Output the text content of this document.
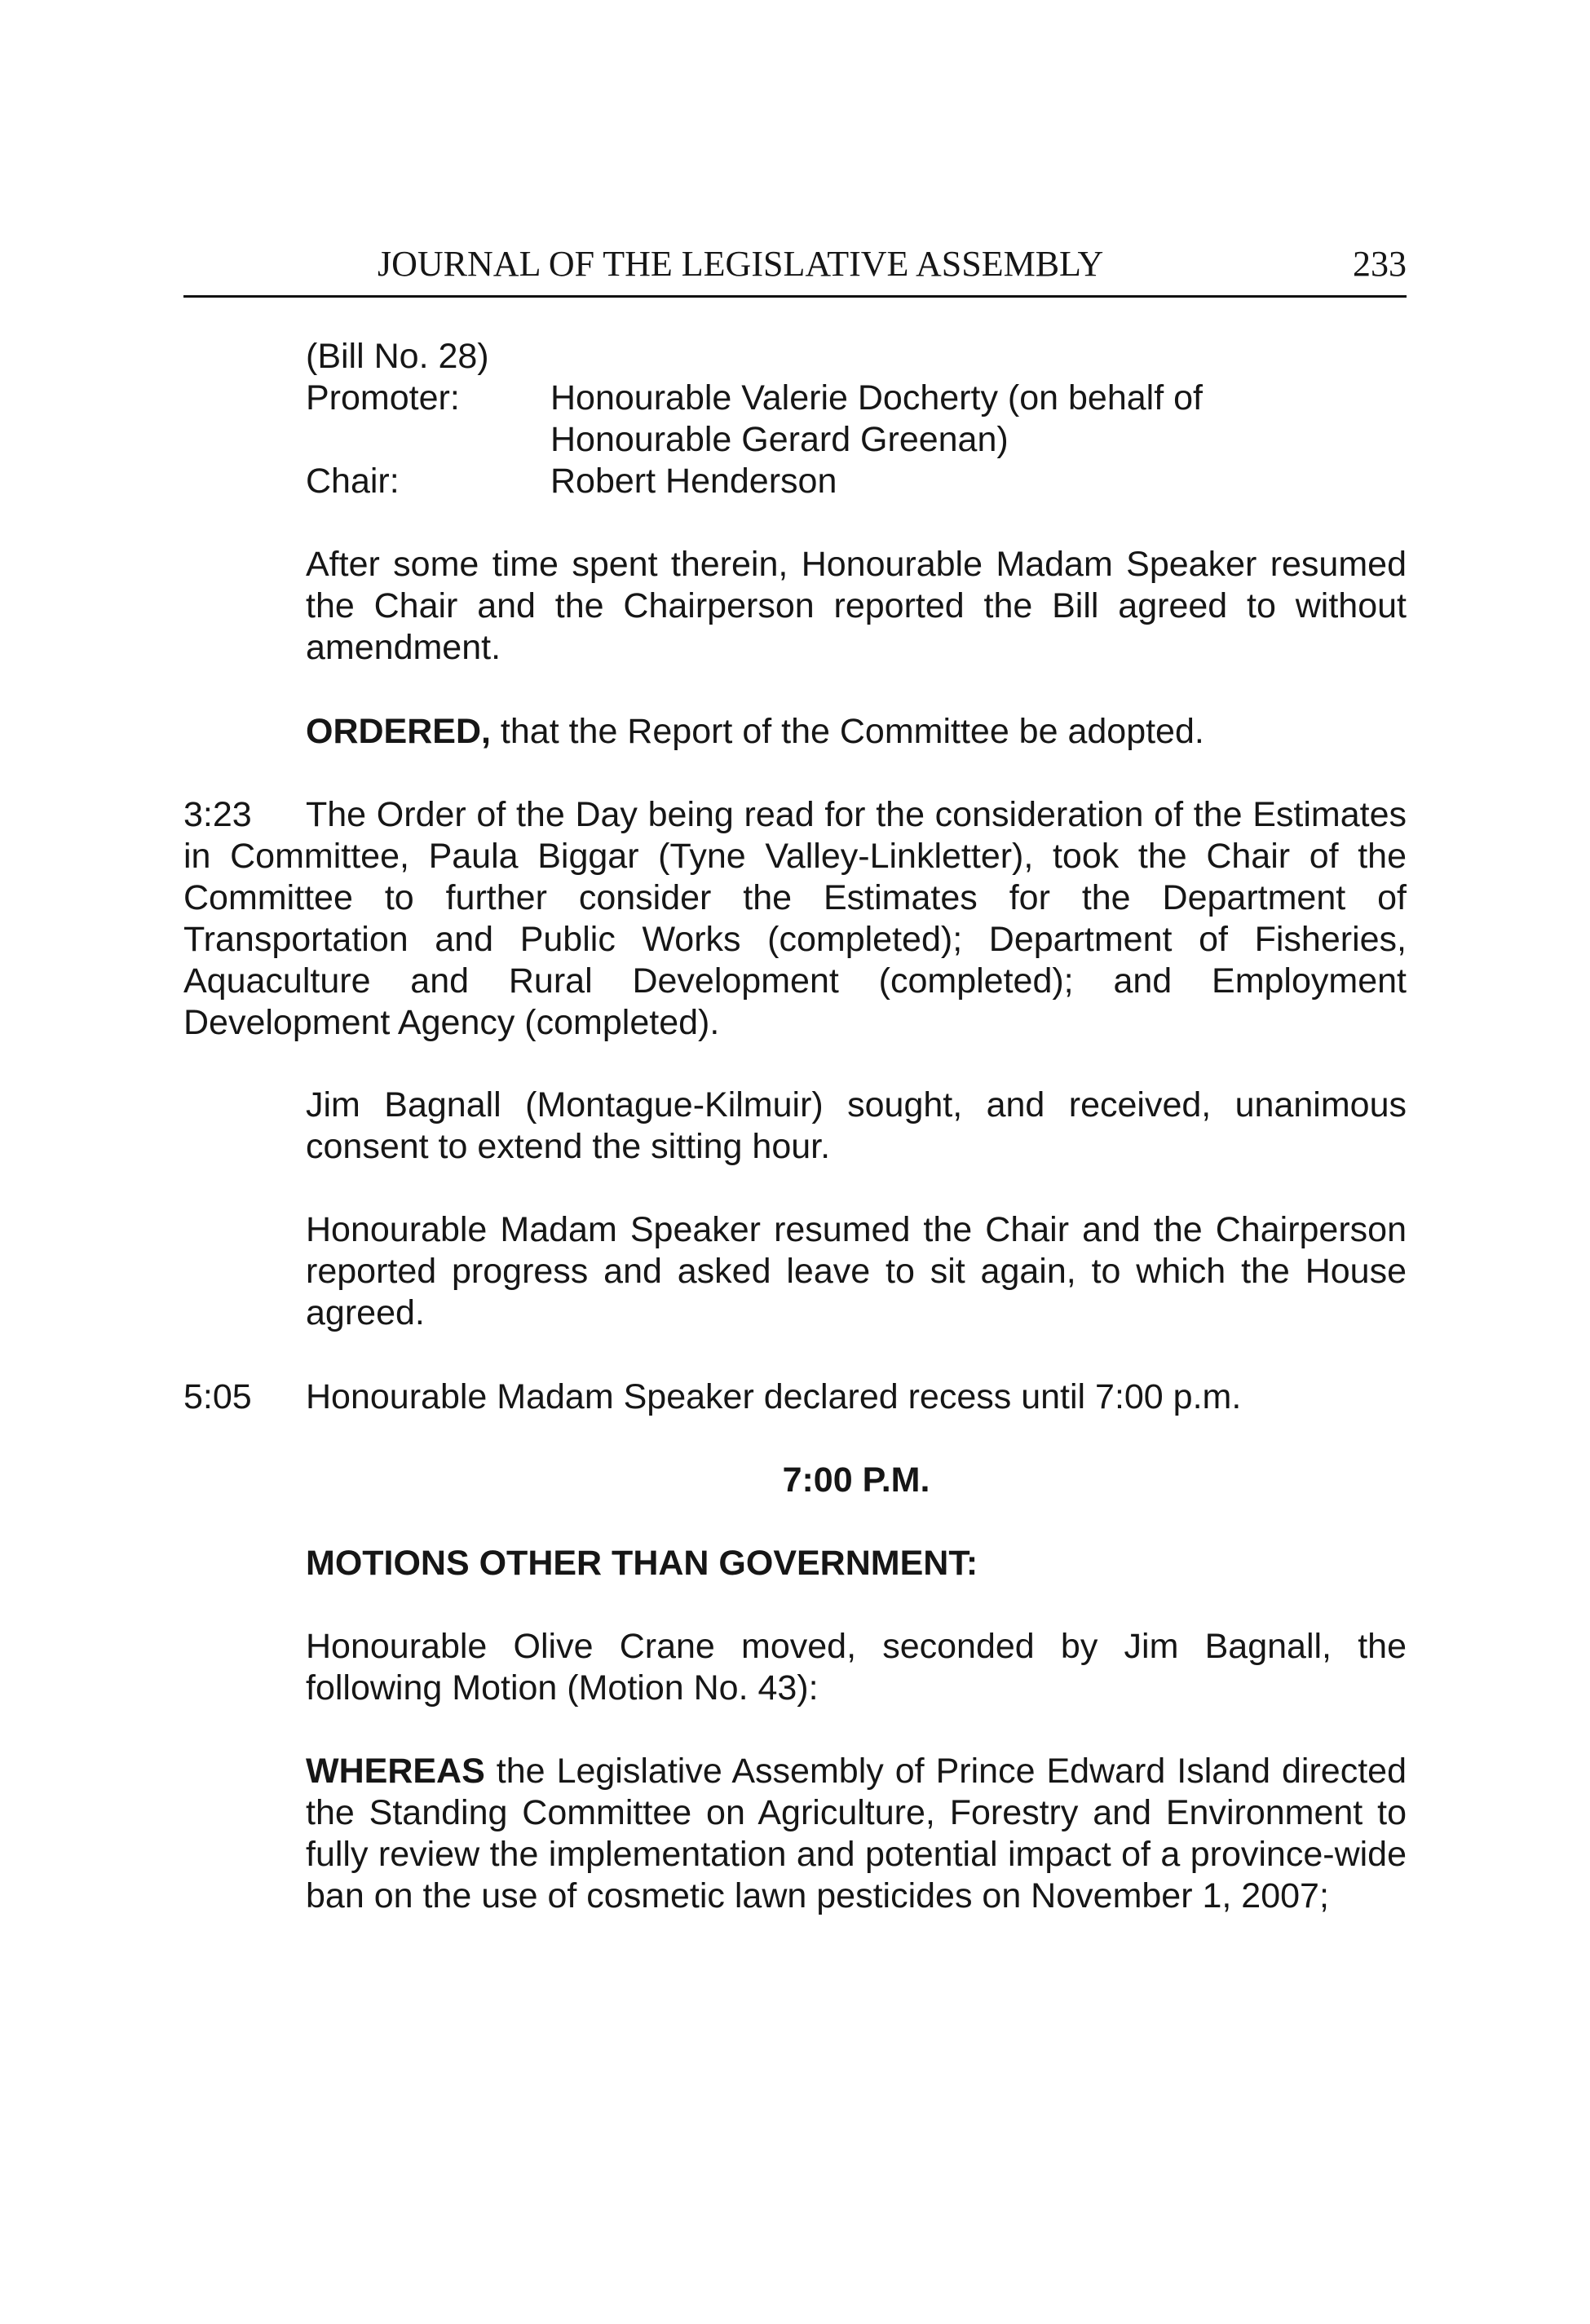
JOURNAL OF THE LEGISLATIVE ASSEMBLY	233
(Bill No. 28)
Promoter:	Honourable Valerie Docherty (on behalf of
Honourable Gerard Greenan)
Chair:	Robert Henderson
After some time spent therein, Honourable Madam Speaker resumed the Chair and the Chairperson reported the Bill agreed to without amendment.
ORDERED, that the Report of the Committee be adopted.
3:23	The Order of the Day being read for the consideration of the Estimates in Committee, Paula Biggar (Tyne Valley-Linkletter), took the Chair of the Committee to further consider the Estimates for the Department of Transportation and Public Works (completed); Department of Fisheries, Aquaculture and Rural Development (completed); and Employment Development Agency (completed).
Jim Bagnall (Montague-Kilmuir) sought, and received, unanimous consent to extend the sitting hour.
Honourable Madam Speaker resumed the Chair and the Chairperson reported progress and asked leave to sit again, to which the House agreed.
5:05 Honourable Madam Speaker declared recess until 7:00 p.m.
7:00 P.M.
MOTIONS OTHER THAN GOVERNMENT:
Honourable Olive Crane moved, seconded by Jim Bagnall, the following Motion (Motion No. 43):
WHEREAS the Legislative Assembly of Prince Edward Island directed the Standing Committee on Agriculture, Forestry and Environment to fully review the implementation and potential impact of a province-wide ban on the use of cosmetic lawn pesticides on November 1, 2007;
